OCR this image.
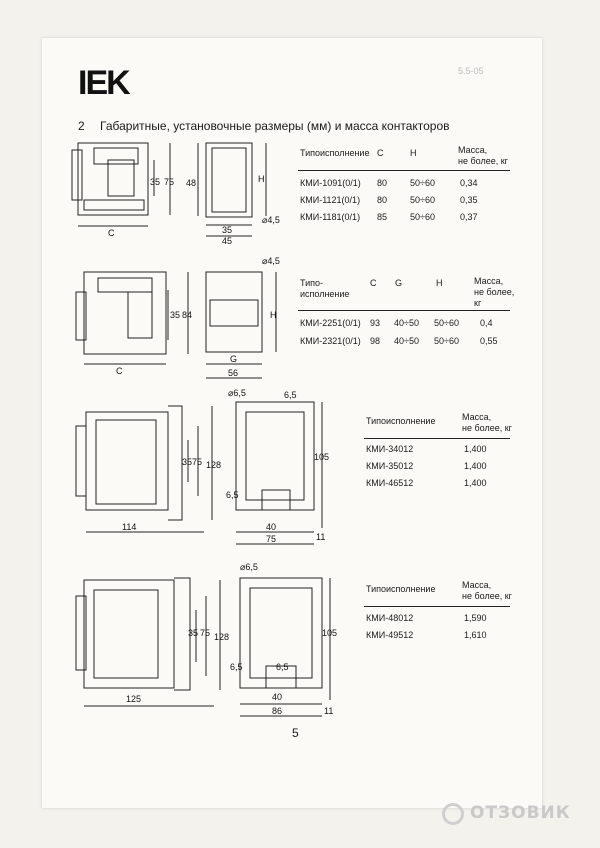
IEK	5.5-05
2 Габаритные, установочные размеры (мм) и масса контакторов
35 75
C
48	H
⌀4,5
35
45
35 84
C
⌀4,5
H
G
56
35 75 128
114
⌀6,5	6,5
105
6,5
40
75	11
35 75 128
125
⌀6,5
105
6,5	6,5
40
86	11
Типоисполнение C	H	Масса,
не более, кг
КМИ-1091(0/1) 80	50÷60	0,34
КМИ-1121(0/1) 80	50÷60	0,35
КМИ-1181(0/1) 85	50÷60	0,37
Типо-
исполнение
C G	H	Масса,
не более,
кг
КМИ-2251(0/1) 93 40÷50 50÷60 0,4
КМИ-2321(0/1) 98 40÷50 50÷60 0,55
Типоисполнение	Масса,
не более, кг
КМИ-34012	1,400
КМИ-35012	1,400
КМИ-46512	1,400
Типоисполнение	Масса,
не более, кг
КМИ-48012	1,590
КМИ-49512	1,610
5
ОТЗОВИК
